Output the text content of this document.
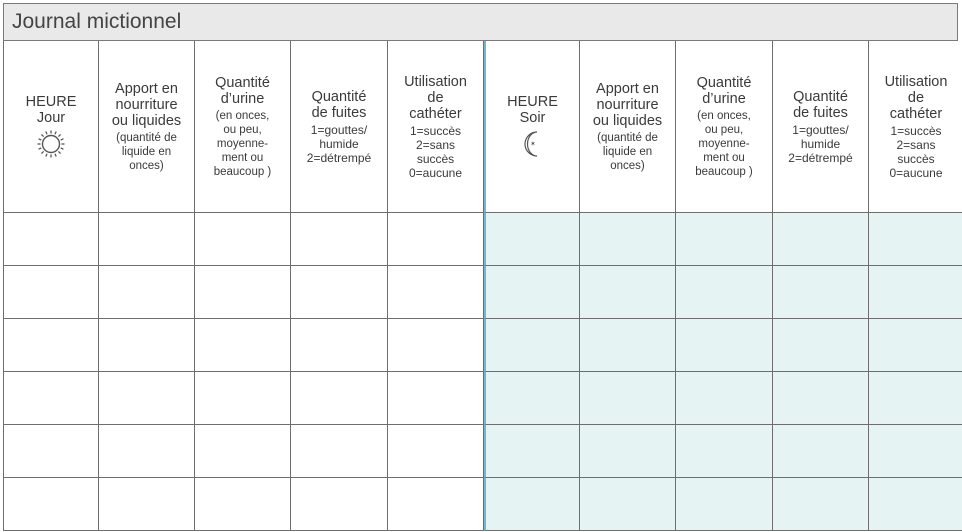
Journal mictionnel
HEURE
Jour
Apport en
nourriture
ou liquides
(quantité de
liquide en
onces)
Quantité
d’urine
(en onces,
ou peu,
moyenne-
ment ou
beaucoup )
Quantité
de fuites
1=gouttes/
humide
2=détrempé
Utilisation
de
cathéter
1=succès
2=sans
succès
0=aucune
HEURE
Soir
✶
Apport en
nourriture
ou liquides
(quantité de
liquide en
onces)
Quantité
d’urine
(en onces,
ou peu,
moyenne-
ment ou
beaucoup )
Quantité
de fuites
1=gouttes/
humide
2=détrempé
Utilisation
de
cathéter
1=succès
2=sans
succès
0=aucune
